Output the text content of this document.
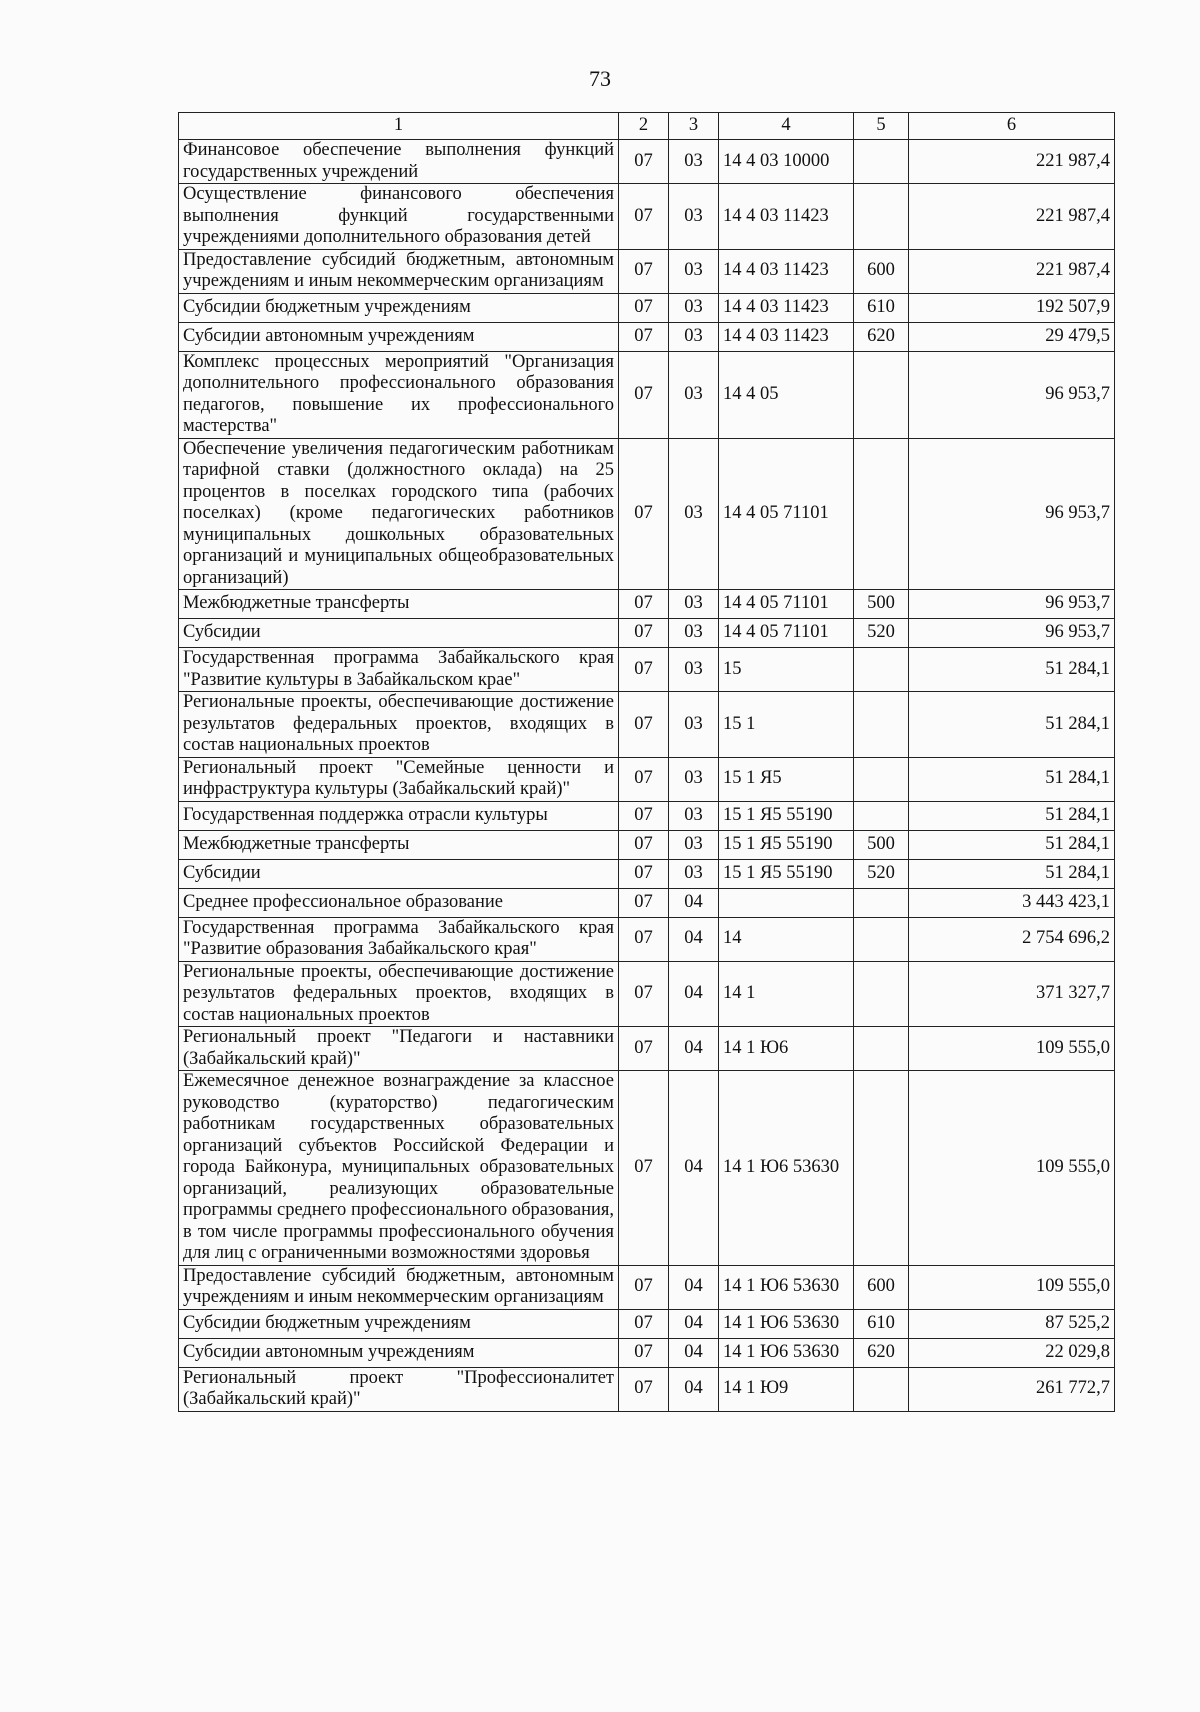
73
1	2	3	4	5	6
Финансовое обеспечение выполнения функций государственных учреждений	07	03	14 4 03 10000		221 987,4
Осуществление финансового обеспечения выполнения функций государственными учреждениями дополнительного образования детей	07	03	14 4 03 11423		221 987,4
Предоставление субсидий бюджетным, автономным учреждениям и иным некоммерческим организациям	07	03	14 4 03 11423	600	221 987,4
Субсидии бюджетным учреждениям	07	03	14 4 03 11423	610	192 507,9
Субсидии автономным учреждениям	07	03	14 4 03 11423	620	29 479,5
Комплекс процессных мероприятий "Организация дополнительного профессионального образования педагогов, повышение их профессионального мастерства"	07	03	14 4 05		96 953,7
Обеспечение увеличения педагогическим работникам тарифной ставки (должностного оклада) на 25 процентов в поселках городского типа (рабочих поселках) (кроме педагогических работников муниципальных дошкольных образовательных организаций и муниципальных общеобразовательных организаций)	07	03	14 4 05 71101		96 953,7
Межбюджетные трансферты	07	03	14 4 05 71101	500	96 953,7
Субсидии	07	03	14 4 05 71101	520	96 953,7
Государственная программа Забайкальского края "Развитие культуры в Забайкальском крае"	07	03	15		51 284,1
Региональные проекты, обеспечивающие достижение результатов федеральных проектов, входящих в состав национальных проектов	07	03	15 1		51 284,1
Региональный проект "Семейные ценности и инфраструктура культуры (Забайкальский край)"	07	03	15 1 Я5		51 284,1
Государственная поддержка отрасли культуры	07	03	15 1 Я5 55190		51 284,1
Межбюджетные трансферты	07	03	15 1 Я5 55190	500	51 284,1
Субсидии	07	03	15 1 Я5 55190	520	51 284,1
Среднее профессиональное образование	07	04			3 443 423,1
Государственная программа Забайкальского края "Развитие образования Забайкальского края"	07	04	14		2 754 696,2
Региональные проекты, обеспечивающие достижение результатов федеральных проектов, входящих в состав национальных проектов	07	04	14 1		371 327,7
Региональный проект "Педагоги и наставники (Забайкальский край)"	07	04	14 1 Ю6		109 555,0
Ежемесячное денежное вознаграждение за классное руководство (кураторство) педагогическим работникам государственных образовательных организаций субъектов Российской Федерации и города Байконура, муниципальных образовательных организаций, реализующих образовательные программы среднего профессионального образования, в том числе программы профессионального обучения для лиц с ограниченными возможностями здоровья	07	04	14 1 Ю6 53630		109 555,0
Предоставление субсидий бюджетным, автономным учреждениям и иным некоммерческим организациям	07	04	14 1 Ю6 53630	600	109 555,0
Субсидии бюджетным учреждениям	07	04	14 1 Ю6 53630	610	87 525,2
Субсидии автономным учреждениям	07	04	14 1 Ю6 53630	620	22 029,8
Региональный проект "Профессионалитет (Забайкальский край)"	07	04	14 1 Ю9		261 772,7
